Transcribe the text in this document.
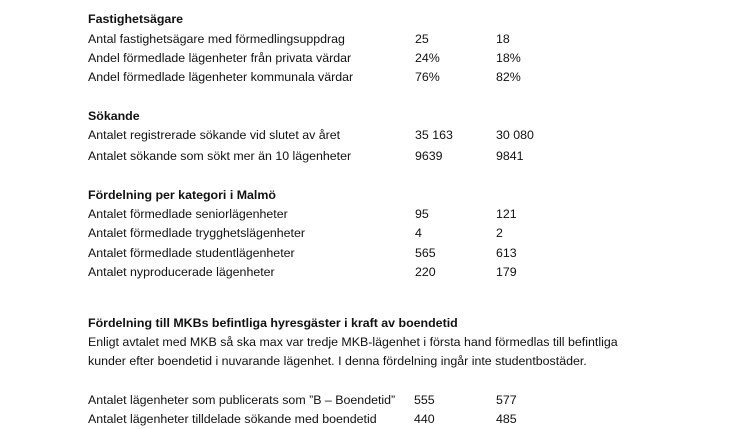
Fastighetsägare
Antal fastighetsägare med förmedlingsuppdrag	25	18
Andel förmedlade lägenheter från privata värdar	24%	18%
Andel förmedlade lägenheter kommunala värdar	76%	82%
Sökande
Antalet registrerade sökande vid slutet av året	35 163	30 080
Antalet sökande som sökt mer än 10 lägenheter	9639	9841
Fördelning per kategori i Malmö
Antalet förmedlade seniorlägenheter	95	121
Antalet förmedlade trygghetslägenheter	4	2
Antalet förmedlade studentlägenheter	565	613
Antalet nyproducerade lägenheter	220	179
Fördelning till MKBs befintliga hyresgäster i kraft av boendetid
Enligt avtalet med MKB så ska max var tredje MKB-lägenhet i första hand förmedlas till befintliga
kunder efter boendetid i nuvarande lägenhet. I denna fördelning ingår inte studentbostäder.
Antalet lägenheter som publicerats som ”B – Boendetid” 555	577
Antalet lägenheter tilldelade sökande med boendetid	440	485
